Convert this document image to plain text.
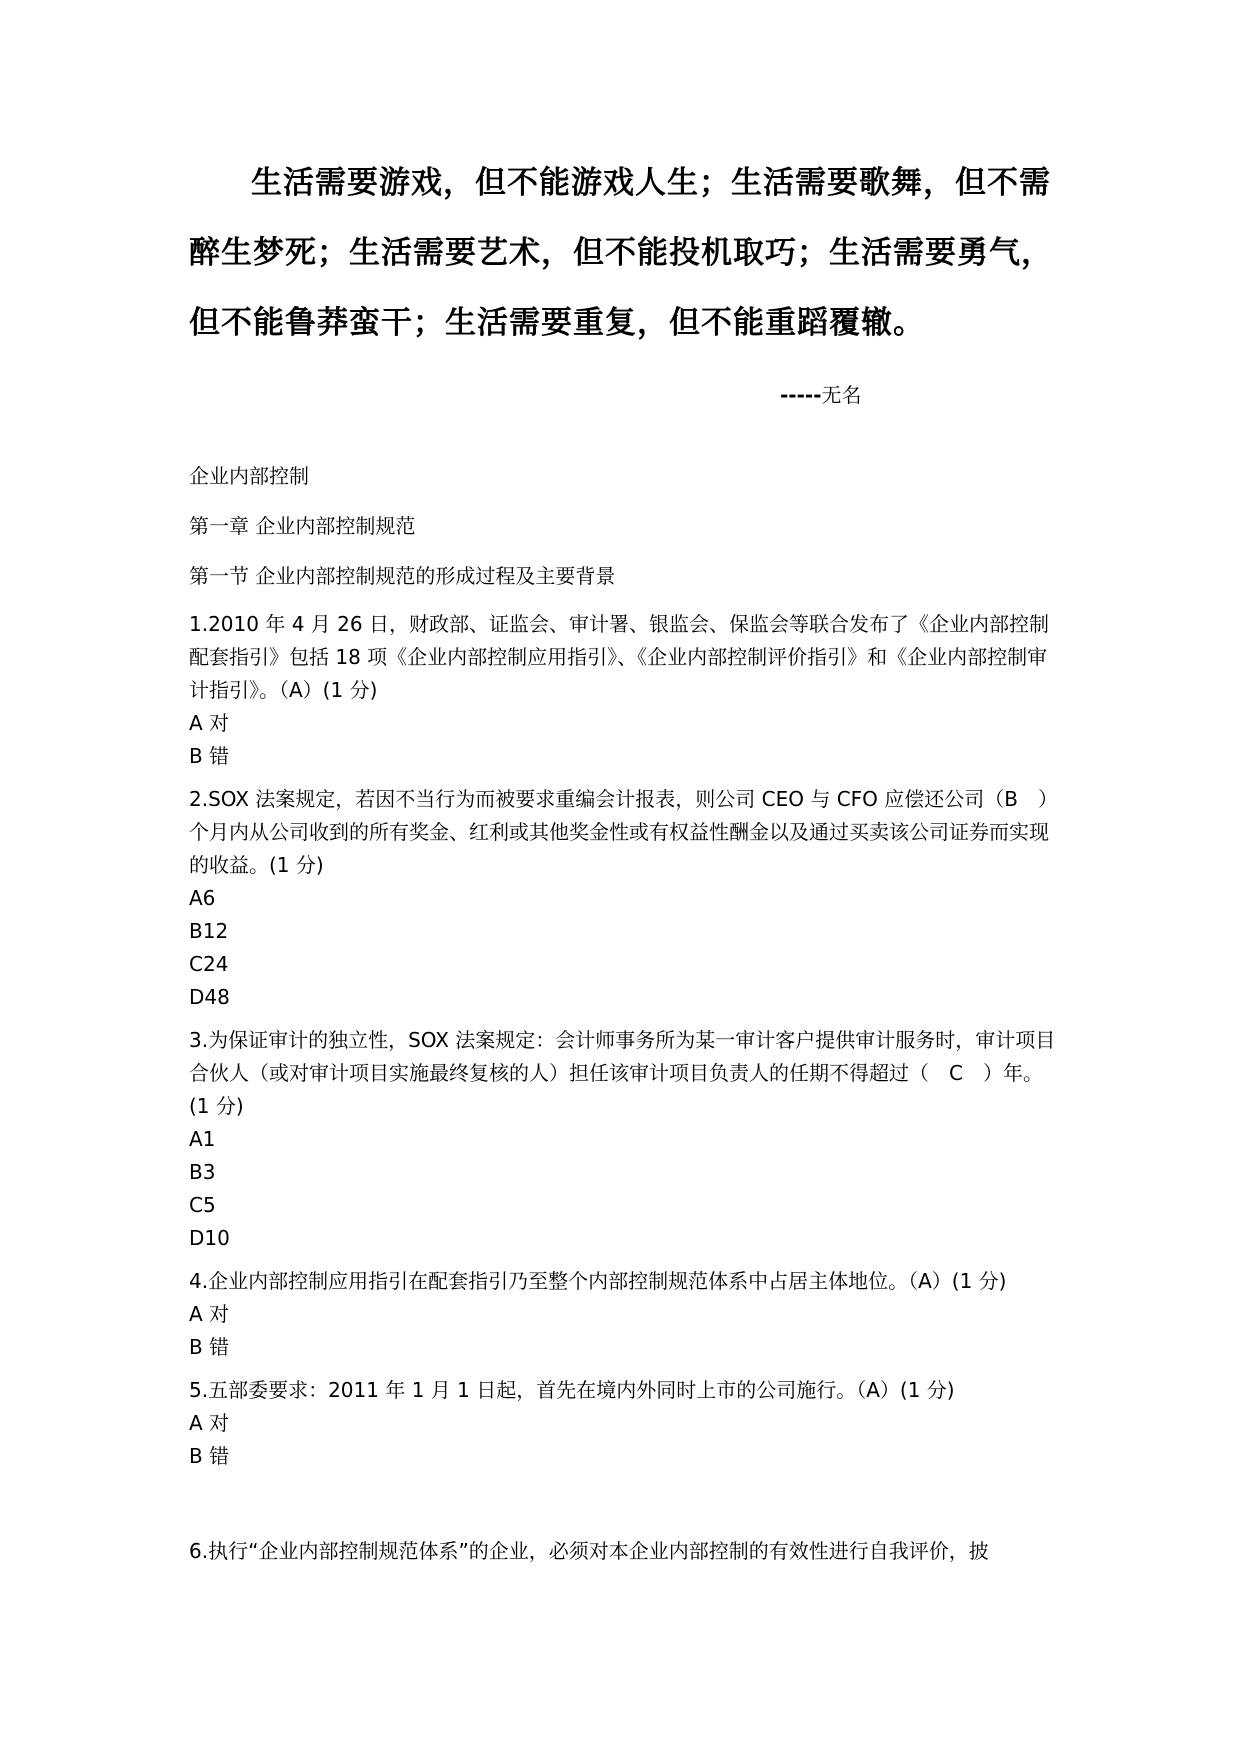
生活需要游戏，但不能游戏人生；生活需要歌舞，但不需醉生梦死；生活需要艺术，但不能投机取巧；生活需要勇气，但不能鲁莽蛮干；生活需要重复，但不能重蹈覆辙。

-----无名

企业内部控制

第一章 企业内部控制规范

第一节 企业内部控制规范的形成过程及主要背景

1.2010 年 4 月 26 日，财政部、证监会、审计署、银监会、保监会等联合发布了《企业内部控制配套指引》包括 18 项《企业内部控制应用指引》、《企业内部控制评价指引》和《企业内部控制审计指引》。（A）(1 分)

A 对

B 错

2.SOX 法案规定，若因不当行为而被要求重编会计报表，则公司 CEO 与 CFO 应偿还公司（B　）个月内从公司收到的所有奖金、红利或其他奖金性或有权益性酬金以及通过买卖该公司证券而实现的收益。(1 分)

A6

B12

C24

D48

3.为保证审计的独立性，SOX 法案规定：会计师事务所为某一审计客户提供审计服务时，审计项目合伙人（或对审计项目实施最终复核的人）担任该审计项目负责人的任期不得超过（　C　）年。(1 分)

A1

B3

C5

D10

4.企业内部控制应用指引在配套指引乃至整个内部控制规范体系中占居主体地位。（A）(1 分)

A 对

B 错

5.五部委要求：2011 年 1 月 1 日起，首先在境内外同时上市的公司施行。（A）(1 分)

A 对

B 错

6.执行“企业内部控制规范体系”的企业，必须对本企业内部控制的有效性进行自我评价，披
